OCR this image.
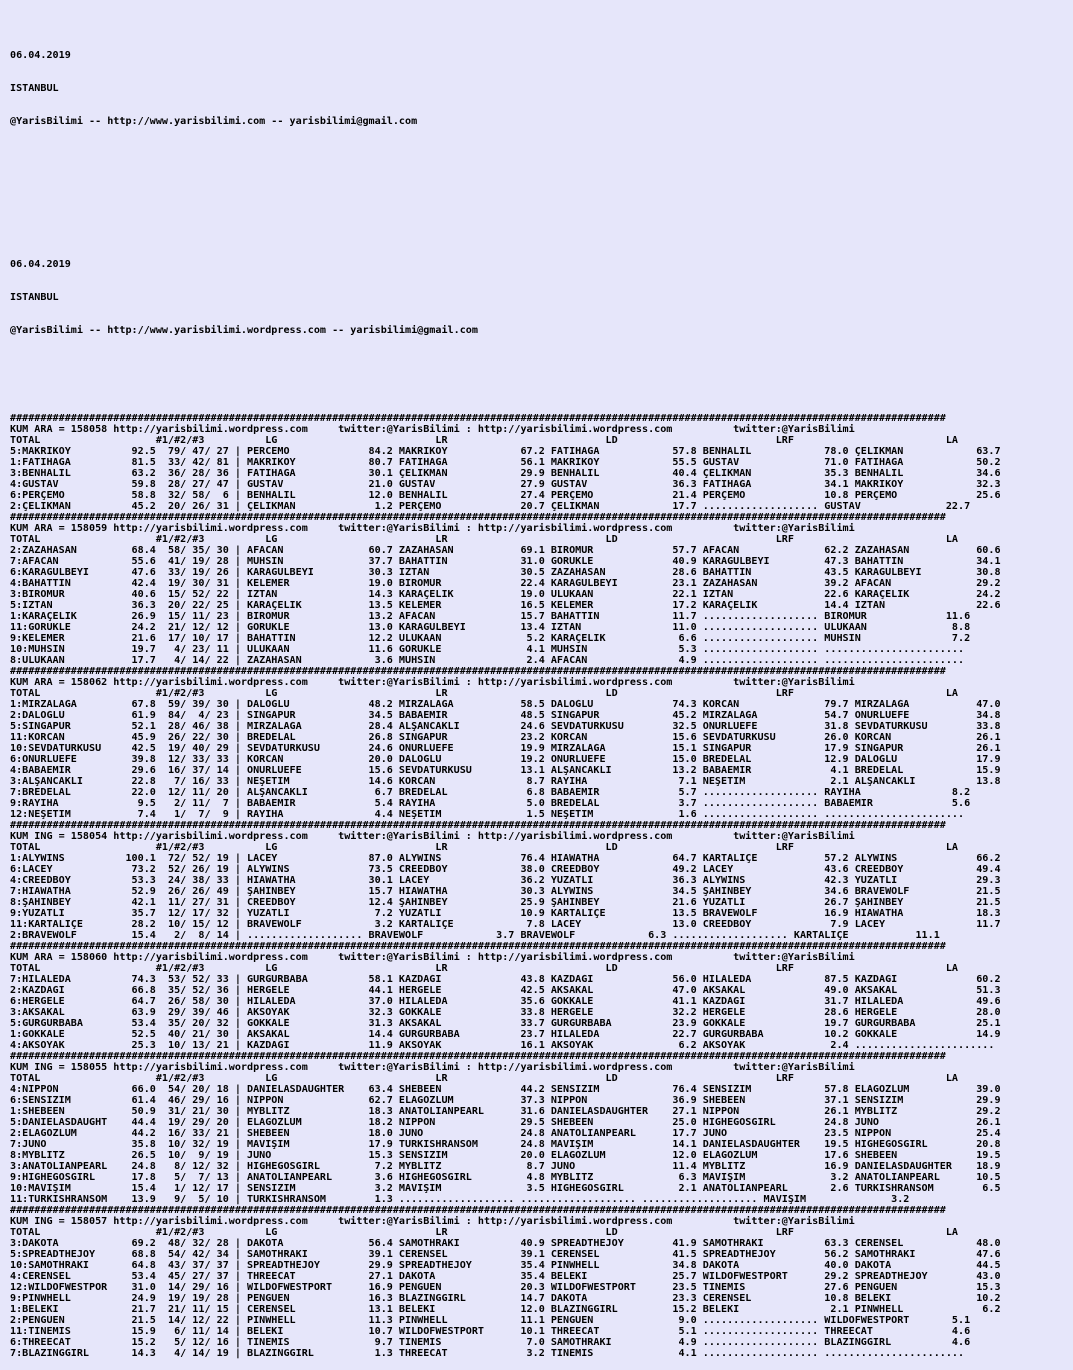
06.04.2019

ISTANBUL

@YarisBilimi -- http://www.yarisbilimi.com -- yarisbilimi@gmail.com

06.04.2019

ISTANBUL

@YarisBilimi -- http://www.yarisbilimi.wordpress.com -- yarisbilimi@gmail.com

##########################################################################################################################################################
KUM ARA = 158058 http://yarisbilimi.wordpress.com     twitter:@YarisBilimi : http://yarisbilimi.wordpress.com          twitter:@YarisBilimi
TOTAL                   #1/#2/#3          LG                          LR                          LD                          LRF                         LA
5:MAKRİKÖY          92.5  79/ 47/ 27 | PERCEMO             84.2 MAKRİKÖY            67.2 FATİHAĞA            57.8 BENHALİL            78.0 ÇELİKMAN            63.7
1:FATİHAĞA          81.5  33/ 42/ 81 | MAKRİKÖY            80.7 FATİHAĞA            56.1 MAKRİKÖY            55.5 GUSTAV              71.0 FATİHAĞA            50.2
3:BENHALİL          63.2  36/ 28/ 36 | FATİHAĞA            30.1 ÇELİKMAN            29.9 BENHALİL            40.4 ÇELİKMAN            35.3 BENHALİL            34.6
4:GUSTAV            59.8  28/ 27/ 47 | GUSTAV              21.0 GUSTAV              27.9 GUSTAV              36.3 FATİHAĞA            34.1 MAKRİKÖY            32.3
6:PERÇEMO           58.8  32/ 58/  6 | BENHALİL            12.0 BENHALİL            27.4 PERÇEMO             21.4 PERÇEMO             10.8 PERÇEMO             25.6
2:ÇELİKMAN          45.2  20/ 26/ 31 | ÇELİKMAN             1.2 PERÇEMO             20.7 ÇELİKMAN            17.7 ................... GUSTAV              22.7
##########################################################################################################################################################
KUM ARA = 158059 http://yarisbilimi.wordpress.com     twitter:@YarisBilimi : http://yarisbilimi.wordpress.com          twitter:@YarisBilimi
TOTAL                   #1/#2/#3          LG                          LR                          LD                          LRF                         LA
2:ZAZAHASAN         68.4  58/ 35/ 30 | AFACAN              60.7 ZAZAHASAN           69.1 BİRÖMÜR             57.7 AFACAN              62.2 ZAZAHASAN           60.6
7:AFACAN            55.6  41/ 19/ 28 | MUHSİN              37.7 BAHATTİN            31.0 GÖRÜKLE             40.9 KARAGÜLBEYİ         47.3 BAHATTİN            34.1
6:KARAGÜLBEYİ       47.6  33/ 19/ 26 | KARAGÜLBEYİ         30.3 İZTAN               30.5 ZAZAHASAN           28.6 BAHATTİN            43.5 KARAGÜLBEYİ         30.8
4:BAHATTİN          42.4  19/ 30/ 31 | KELEMER             19.0 BİRÖMÜR             22.4 KARAGÜLBEYİ         23.1 ZAZAHASAN           39.2 AFACAN              29.2
3:BİRÖMÜR           40.6  15/ 52/ 22 | İZTAN               14.3 KARAÇELİK           19.0 ULUKAAN             22.1 İZTAN               22.6 KARAÇELİK           24.2
5:İZTAN             36.3  20/ 22/ 25 | KARAÇELİK           13.5 KELEMER             16.5 KELEMER             17.2 KARAÇELİK           14.4 İZTAN               22.6
1:KARAÇELİK         26.9  15/ 11/ 23 | BİRÖMÜR             13.2 AFACAN              15.7 BAHATTİN            11.7 ................... BİRÖMÜR             11.6
11:GÖRÜKLE          24.2  21/ 12/ 12 | GÖRÜKLE             13.0 KARAGÜLBEYİ         13.4 İZTAN               11.0 ................... ULUKAAN              8.8
9:KELEMER           21.6  17/ 10/ 17 | BAHATTİN            12.2 ULUKAAN              5.2 KARAÇELİK            6.6 ................... MUHSİN               7.2
10:MUHSİN           19.7   4/ 23/ 11 | ULUKAAN             11.6 GÖRÜKLE              4.1 MUHSİN               5.3 ................... .......................
8:ULUKAAN           17.7   4/ 14/ 22 | ZAZAHASAN            3.6 MUHSİN               2.4 AFACAN               4.9 ................... .......................
##########################################################################################################################################################
KUM ARA = 158062 http://yarisbilimi.wordpress.com     twitter:@YarisBilimi : http://yarisbilimi.wordpress.com          twitter:@YarisBilimi
TOTAL                   #1/#2/#3          LG                          LR                          LD                          LRF                         LA
1:MİRZALAĞA         67.8  59/ 39/ 30 | DALOĞLU             48.2 MİRZALAĞA           58.5 DALOĞLU             74.3 KORCAN              79.7 MİRZALAĞA           47.0
2:DALOĞLU           61.9  84/  4/ 23 | SİNGAPUR            34.5 BABAEMİR            48.5 SİNGAPUR            45.2 MİRZALAĞA           54.7 ONURLUEFE           34.8
5:SİNGAPUR          52.1  28/ 46/ 38 | MİRZALAĞA           28.4 ALŞANCAKLI          24.6 SEVDATÜRKÜSÜ        32.5 ONURLUEFE           31.8 SEVDATÜRKÜSÜ        33.8
11:KORCAN           45.9  26/ 22/ 30 | BREDELAL            26.8 SİNGAPUR            23.2 KORCAN              15.6 SEVDATÜRKÜSÜ        26.0 KORCAN              26.1
10:SEVDATÜRKÜSÜ     42.5  19/ 40/ 29 | SEVDATÜRKÜSÜ        24.6 ONURLUEFE           19.9 MİRZALAĞA           15.1 SİNGAPUR            17.9 SİNGAPUR            26.1
6:ONURLUEFE         39.8  12/ 33/ 33 | KORCAN              20.0 DALOĞLU             19.2 ONURLUEFE           15.0 BREDELAL            12.9 DALOĞLU             17.9
4:BABAEMİR          29.6  16/ 37/ 14 | ONURLUEFE           15.6 SEVDATÜRKÜSÜ        13.1 ALŞANCAKLI          13.2 BABAEMİR             4.1 BREDELAL            15.9
3:ALŞANCAKLI        22.8   7/ 16/ 33 | NEŞETİM             14.6 KORCAN               8.7 RAYİHA               7.1 NEŞETİM              2.1 ALŞANCAKLI          13.8
7:BREDELAL          22.0  12/ 11/ 20 | ALŞANCAKLI           6.7 BREDELAL             6.8 BABAEMİR             5.7 ................... RAYİHA               8.2
9:RAYİHA             9.5   2/ 11/  7 | BABAEMİR             5.4 RAYİHA               5.0 BREDELAL             3.7 ................... BABAEMİR             5.6
12:NEŞETİM           7.4   1/  7/  9 | RAYİHA               4.4 NEŞETİM              1.5 NEŞETİM              1.6 ................... .......................
##########################################################################################################################################################
KUM ING = 158054 http://yarisbilimi.wordpress.com     twitter:@YarisBilimi : http://yarisbilimi.wordpress.com          twitter:@YarisBilimi
TOTAL                   #1/#2/#3          LG                          LR                          LD                          LRF                         LA
1:ALYWINS          100.1  72/ 52/ 19 | LACEY               87.0 ALYWINS             76.4 HIAWATHA            64.7 KARTALİÇE           57.2 ALYWINS             66.2
6:LACEY             73.2  52/ 26/ 19 | ALYWINS             73.5 CREEDBOY            38.0 CREEDBOY            49.2 LACEY               43.6 CREEDBOY            49.4
4:CREEDBOY          53.3  24/ 38/ 33 | HIAWATHA            30.1 LACEY               36.2 YÜZATLI             36.3 ALYWINS             42.3 YÜZATLI             29.3
7:HIAWATHA          52.9  26/ 26/ 49 | ŞAHİNBEY            15.7 HIAWATHA            30.3 ALYWINS             34.5 ŞAHİNBEY            34.6 BRAVEWOLF           21.5
8:ŞAHİNBEY          42.1  11/ 27/ 31 | CREEDBOY            12.4 ŞAHİNBEY            25.9 ŞAHİNBEY            21.6 YÜZATLI             26.7 ŞAHİNBEY            21.5
9:YÜZATLI           35.7  12/ 17/ 32 | YÜZATLI              7.2 YÜZATLI             10.9 KARTALİÇE           13.5 BRAVEWOLF           16.9 HIAWATHA            18.3
11:KARTALİÇE        28.2  10/ 15/ 12 | BRAVEWOLF            3.2 KARTALİÇE            7.8 LACEY               13.0 CREEDBOY             7.9 LACEY               11.7
2:BRAVEWOLF         15.4   2/  8/ 14 | ................... BRAVEWOLF            3.7 BRAVEWOLF            6.3 ................... KARTALİÇE           11.1
##########################################################################################################################################################
KUM ARA = 158060 http://yarisbilimi.wordpress.com     twitter:@YarisBilimi : http://yarisbilimi.wordpress.com          twitter:@YarisBilimi
TOTAL                   #1/#2/#3          LG                          LR                          LD                          LRF                         LA
7:HİLALEDA          74.3  53/ 52/ 33 | GÜRGÜRBABA          58.1 KAZDAĞI             43.8 KAZDAĞI             56.0 HİLALEDA            87.5 KAZDAĞI             60.2
2:KAZDAĞI           66.8  35/ 52/ 36 | HERGELE             44.1 HERGELE             42.5 AKSAKAL             47.0 AKSAKAL             49.0 AKSAKAL             51.3
6:HERGELE           64.7  26/ 58/ 30 | HİLALEDA            37.0 HİLALEDA            35.6 GÖKKALE             41.1 KAZDAĞI             31.7 HİLALEDA            49.6
3:AKSAKAL           63.9  29/ 39/ 46 | AKSOYAK             32.3 GÖKKALE             33.8 HERGELE             32.2 HERGELE             28.6 HERGELE             28.0
5:GÜRGÜRBABA        53.4  35/ 20/ 32 | GÖKKALE             31.3 AKSAKAL             33.7 GÜRGÜRBABA          23.9 GÖKKALE             19.7 GÜRGÜRBABA          25.1
1:GÖKKALE           52.5  40/ 21/ 30 | AKSAKAL             14.4 GÜRGÜRBABA          23.7 HİLALEDA            22.7 GÜRGÜRBABA          10.2 GÖKKALE             14.9
4:AKSOYAK           25.3  10/ 13/ 21 | KAZDAĞI             11.9 AKSOYAK             16.1 AKSOYAK              6.2 AKSOYAK              2.4 .......................
##########################################################################################################################################################
KUM ING = 158055 http://yarisbilimi.wordpress.com     twitter:@YarisBilimi : http://yarisbilimi.wordpress.com          twitter:@YarisBilimi
TOTAL                   #1/#2/#3          LG                          LR                          LD                          LRF                         LA
4:NIPPON            66.0  54/ 20/ 18 | DANIELASDAUGHTER    63.4 SHEBEEN             44.2 SENSİZİM            76.4 SENSİZİM            57.8 ELAGÖZLÜM           39.0
6:SENSİZİM          61.4  46/ 29/ 16 | NIPPON              62.7 ELAGÖZLÜM           37.3 NIPPON              36.9 SHEBEEN             37.1 SENSİZİM            29.9
1:SHEBEEN           50.9  31/ 21/ 30 | MYBLITZ             18.3 ANATOLIANPEARL      31.6 DANIELASDAUGHTER    27.1 NIPPON              26.1 MYBLITZ             29.2
5:DANIELASDAUGHT    44.4  19/ 29/ 20 | ELAGÖZLÜM           18.2 NIPPON              29.5 SHEBEEN             25.0 HIGHEGOSGIRL        24.8 JUNO                26.1
2:ELAGÖZLÜM         44.2  16/ 33/ 21 | SHEBEEN             18.0 JUNO                24.8 ANATOLIANPEARL      17.7 JUNO                23.5 NIPPON              25.4
7:JUNO              35.8  10/ 32/ 19 | MAVİŞIM             17.9 TURKISHRANSOM       24.8 MAVİŞIM             14.1 DANIELASDAUGHTER    19.5 HIGHEGOSGIRL        20.8
8:MYBLITZ           26.5  10/  9/ 19 | JUNO                15.3 SENSİZİM            20.0 ELAGÖZLÜM           12.0 ELAGÖZLÜM           17.6 SHEBEEN             19.5
3:ANATOLIANPEARL    24.8   8/ 12/ 32 | HIGHEGOSGIRL         7.2 MYBLITZ              8.7 JUNO                11.4 MYBLITZ             16.9 DANIELASDAUGHTER    18.9
9:HIGHEGOSGIRL      17.8   5/  7/ 13 | ANATOLIANPEARL       3.6 HIGHEGOSGIRL         4.8 MYBLITZ              6.3 MAVİŞIM              3.2 ANATOLIANPEARL      10.5
10:MAVİŞIM          15.4   1/ 12/ 17 | SENSİZİM             3.2 MAVİŞIM              3.5 HIGHEGOSGIRL         2.1 ANATOLIANPEARL       2.6 TURKISHRANSOM        6.5
11:TURKISHRANSOM    13.9   9/  5/ 10 | TURKISHRANSOM        1.3 ................... ................... ................... MAVİŞIM              3.2
##########################################################################################################################################################
KUM ING = 158057 http://yarisbilimi.wordpress.com     twitter:@YarisBilimi : http://yarisbilimi.wordpress.com          twitter:@YarisBilimi
TOTAL                   #1/#2/#3          LG                          LR                          LD                          LRF                         LA
3:DAKOTA            69.2  48/ 32/ 28 | DAKOTA              56.4 SAMOTHRAKI          40.9 SPREADTHEJOY        41.9 SAMOTHRAKI          63.3 CERENSEL            48.0
5:SPREADTHEJOY      68.8  54/ 42/ 34 | SAMOTHRAKI          39.1 CERENSEL            39.1 CERENSEL            41.5 SPREADTHEJOY        56.2 SAMOTHRAKI          47.6
10:SAMOTHRAKI       64.8  43/ 37/ 37 | SPREADTHEJOY        29.9 SPREADTHEJOY        35.4 PINWHELL            34.8 DAKOTA              40.0 DAKOTA              44.5
4:CERENSEL          53.4  45/ 27/ 37 | THREECAT            27.1 DAKOTA              35.4 BELEKİ              25.7 WILDOFWESTPORT      29.2 SPREADTHEJOY        43.0
12:WILDOFWESTPOR    31.0  14/ 29/ 16 | WILDOFWESTPORT      16.9 PENGUEN             20.3 WILDOFWESTPORT      23.5 TİNEMİS             27.6 PENGUEN             15.3
9:PINWHELL          24.9  19/ 19/ 28 | PENGUEN             16.3 BLAZINGGIRL         14.7 DAKOTA              23.3 CERENSEL            10.8 BELEKİ              10.2
1:BELEKİ            21.7  21/ 11/ 15 | CERENSEL            13.1 BELEKİ              12.0 BLAZINGGIRL         15.2 BELEKİ               2.1 PINWHELL             6.2
2:PENGUEN           21.5  14/ 12/ 22 | PINWHELL            11.3 PINWHELL            11.1 PENGUEN              9.0 ................... WILDOFWESTPORT       5.1
11:TİNEMİS          15.9   6/ 11/ 14 | BELEKİ              10.7 WILDOFWESTPORT      10.1 THREECAT             5.1 ................... THREECAT             4.6
6:THREECAT          15.2   5/ 12/ 16 | TİNEMİS              9.7 TİNEMİS              7.0 SAMOTHRAKI           4.9 ................... BLAZINGGIRL          4.6
7:BLAZINGGIRL       14.3   4/ 14/ 19 | BLAZINGGIRL          1.3 THREECAT             3.2 TİNEMİS              4.1 ................... .......................
